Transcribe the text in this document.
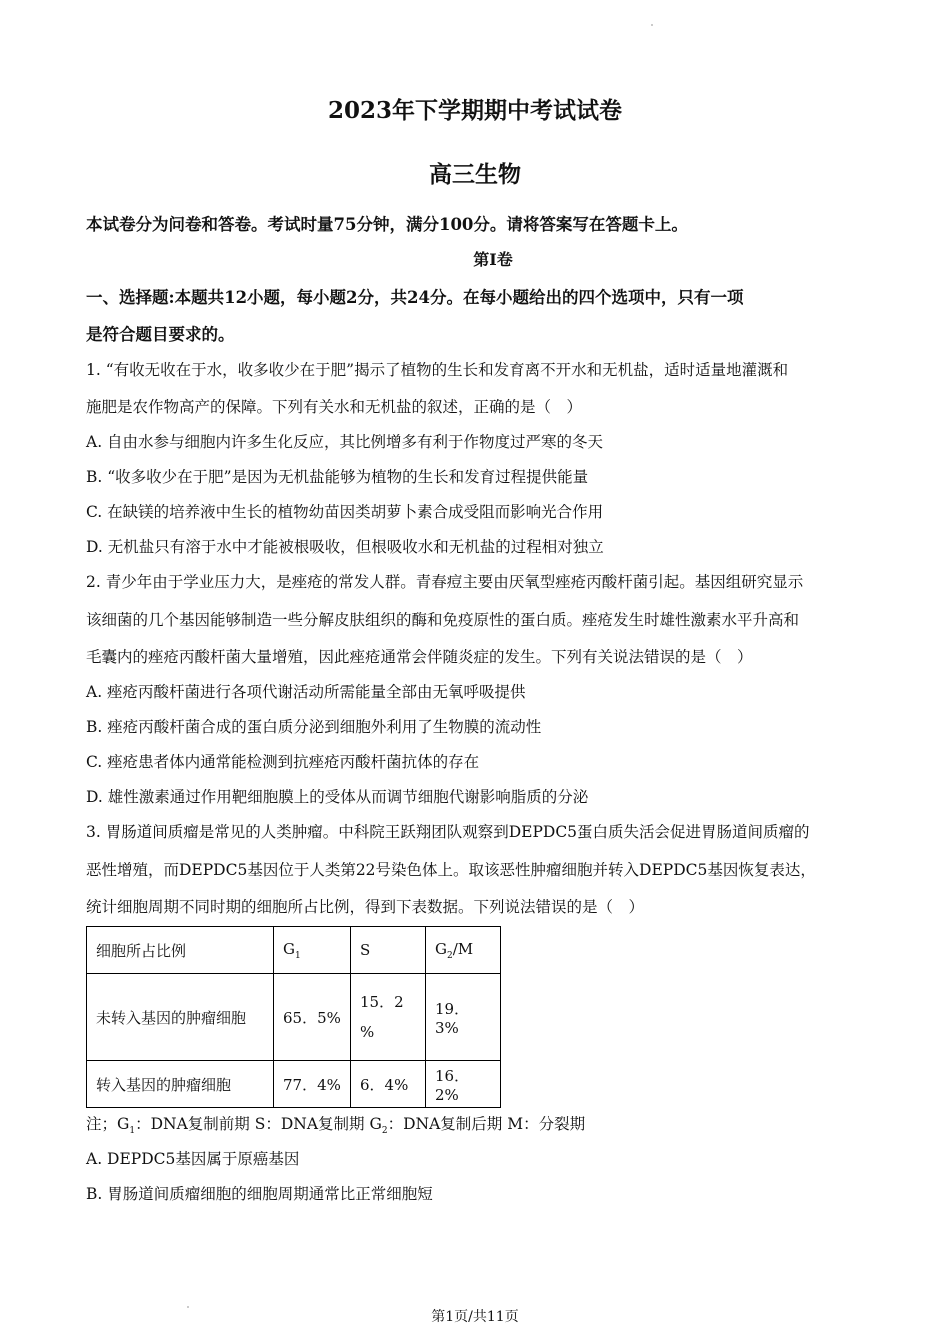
2023年下学期期中考试试卷
高三生物
本试卷分为问卷和答卷。考试时量75分钟，满分100分。请将答案写在答题卡上。
第I卷
一、选择题:本题共12小题，每小题2分，共24分。在每小题给出的四个选项中，只有一项
是符合题目要求的。
1. “有收无收在于水，收多收少在于肥”揭示了植物的生长和发育离不开水和无机盐，适时适量地灌溉和
施肥是农作物高产的保障。下列有关水和无机盐的叙述，正确的是（　）
A. 自由水参与细胞内许多生化反应，其比例增多有利于作物度过严寒的冬天
B. “收多收少在于肥”是因为无机盐能够为植物的生长和发育过程提供能量
C. 在缺镁的培养液中生长的植物幼苗因类胡萝卜素合成受阻而影响光合作用
D. 无机盐只有溶于水中才能被根吸收，但根吸收水和无机盐的过程相对独立
2. 青少年由于学业压力大，是痤疮的常发人群。青春痘主要由厌氧型痤疮丙酸杆菌引起。基因组研究显示
该细菌的几个基因能够制造一些分解皮肤组织的酶和免疫原性的蛋白质。痤疮发生时雄性激素水平升高和
毛囊内的痤疮丙酸杆菌大量增殖，因此痤疮通常会伴随炎症的发生。下列有关说法错误的是（　）
A. 痤疮丙酸杆菌进行各项代谢活动所需能量全部由无氧呼吸提供
B. 痤疮丙酸杆菌合成的蛋白质分泌到细胞外利用了生物膜的流动性
C. 痤疮患者体内通常能检测到抗痤疮丙酸杆菌抗体的存在
D. 雄性激素通过作用靶细胞膜上的受体从而调节细胞代谢影响脂质的分泌
3. 胃肠道间质瘤是常见的人类肿瘤。中科院王跃翔团队观察到DEPDC5蛋白质失活会促进胃肠道间质瘤的
恶性增殖，而DEPDC5基因位于人类第22号染色体上。取该恶性肿瘤细胞并转入DEPDC5基因恢复表达，
统计细胞周期不同时期的细胞所占比例，得到下表数据。下列说法错误的是（　）
细胞所占比例	$G_1$	S	$G_2/M$
未转入基因的肿瘤细胞	65．5%	15．2 %	19．3%
转入基因的肿瘤细胞	77．4%	6．4%	16．2%
注；$G_1$：DNA复制前期 S：DNA复制期 $G_2$：DNA复制后期 M：分裂期
A. DEPDC5基因属于原癌基因
B. 胃肠道间质瘤细胞的细胞周期通常比正常细胞短
第1页/共11页
